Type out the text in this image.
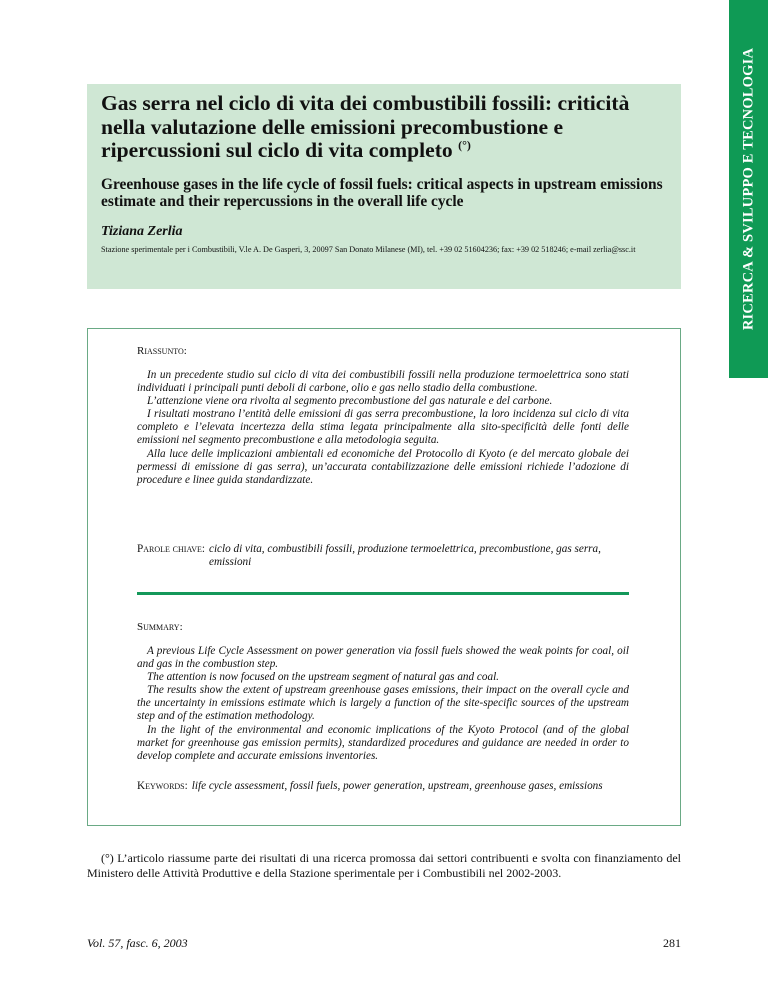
RICERCA & SVILUPPO E TECNOLOGIA
Gas serra nel ciclo di vita dei combustibili fossili: criticità nella valutazione delle emissioni precombustione e ripercussioni sul ciclo di vita completo (°)
Greenhouse gases in the life cycle of fossil fuels: critical aspects in upstream emissions estimate and their repercussions in the overall life cycle
Tiziana Zerlia
Stazione sperimentale per i Combustibili, V.le A. De Gasperi, 3, 20097 San Donato Milanese (MI), tel. +39 02 51604236; fax: +39 02 518246; e-mail zerlia@ssc.it
Riassunto:

In un precedente studio sul ciclo di vita dei combustibili fossili nella produzione termoelettrica sono stati individuati i principali punti deboli di carbone, olio e gas nello stadio della combustione.

L’attenzione viene ora rivolta al segmento precombustione del gas naturale e del carbone.

I risultati mostrano l’entità delle emissioni di gas serra precombustione, la loro incidenza sul ciclo di vita completo e l’elevata incertezza della stima legata principalmente alla sito-specificità delle fonti delle emissioni nel segmento precombustione e alla metodologia seguita.

Alla luce delle implicazioni ambientali ed economiche del Protocollo di Kyoto (e del mercato globale dei permessi di emissione di gas serra), un’accurata contabilizzazione delle emissioni richiede l’adozione di procedure e linee guida standardizzate.

Parole chiave: ciclo di vita, combustibili fossili, produzione termoelettrica, precombustione, gas serra, emissioni
Summary:

A previous Life Cycle Assessment on power generation via fossil fuels showed the weak points for coal, oil and gas in the combustion step.

The attention is now focused on the upstream segment of natural gas and coal.

The results show the extent of upstream greenhouse gases emissions, their impact on the overall cycle and the uncertainty in emissions estimate which is largely a function of the site-specific sources of the upstream step and of the estimation methodology.

In the light of the environmental and economic implications of the Kyoto Protocol (and of the global market for greenhouse gas emission permits), standardized procedures and guidance are needed in order to develop complete and accurate emissions inventories.

Keywords: life cycle assessment, fossil fuels, power generation, upstream, greenhouse gases, emissions
(°) L’articolo riassume parte dei risultati di una ricerca promossa dai settori contribuenti e svolta con finanziamento del Ministero delle Attività Produttive e della Stazione sperimentale per i Combustibili nel 2002-2003.
Vol. 57, fasc. 6, 2003	281
